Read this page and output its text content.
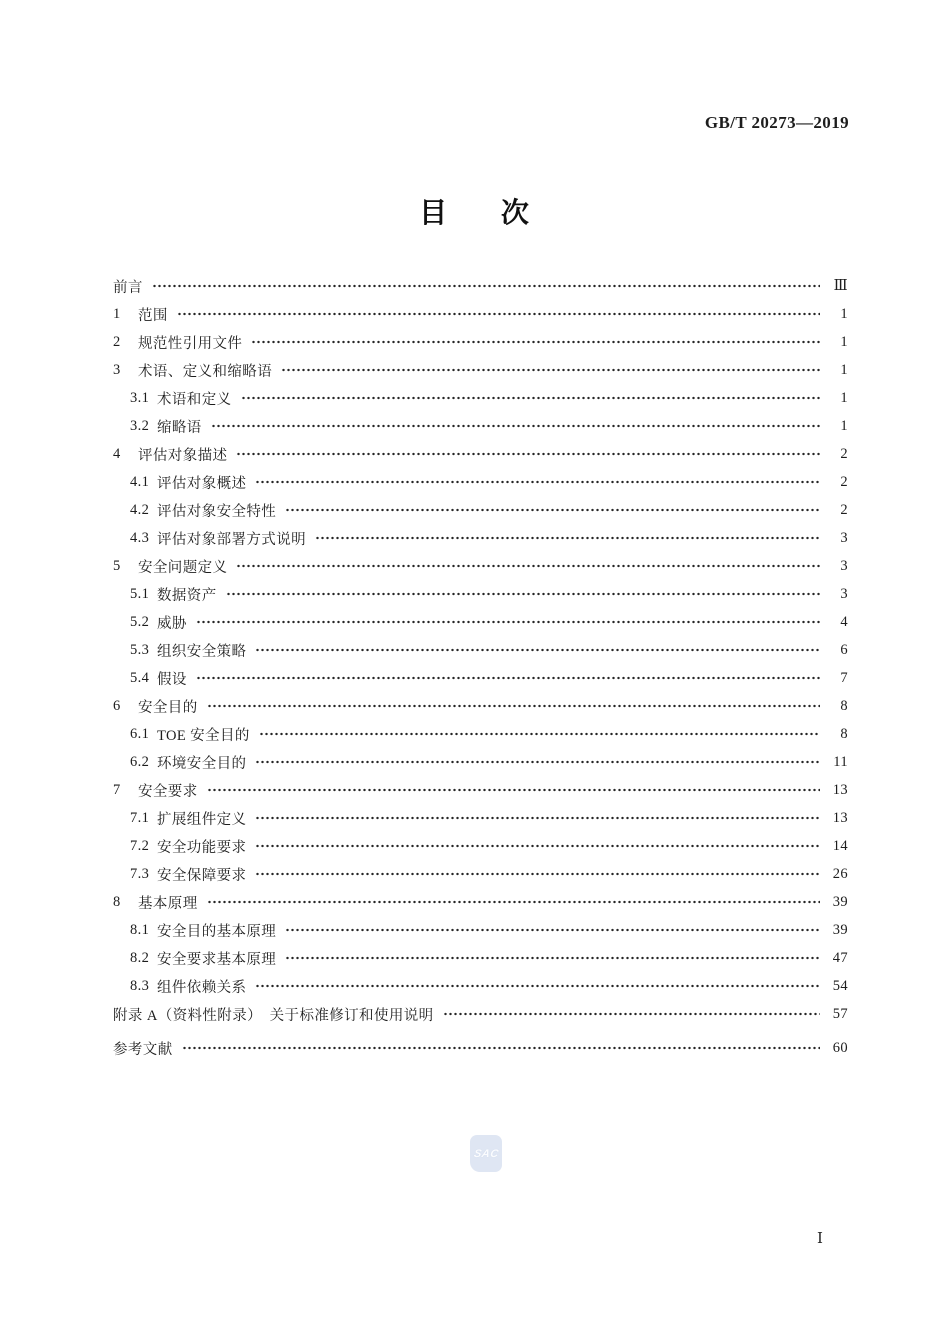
GB/T 20273—2019
目 次
前言	Ⅲ
1	范围	1
2	规范性引用文件	1
3	术语、定义和缩略语	1
3.1 术语和定义	1
3.2 缩略语	1
4	评估对象描述	2
4.1 评估对象概述	2
4.2 评估对象安全特性	2
4.3 评估对象部署方式说明	3
5	安全问题定义	3
5.1 数据资产	3
5.2 威胁	4
5.3 组织安全策略	6
5.4 假设	7
6	安全目的	8
6.1 TOE 安全目的	8
6.2 环境安全目的	11
7	安全要求	13
7.1 扩展组件定义	13
7.2 安全功能要求	14
7.3 安全保障要求	26
8	基本原理	39
8.1 安全目的基本原理	39
8.2 安全要求基本原理	47
8.3 组件依赖关系	54
附录 A（资料性附录）　关于标准修订和使用说明	57
参考文献	60
SAC
Ⅰ
